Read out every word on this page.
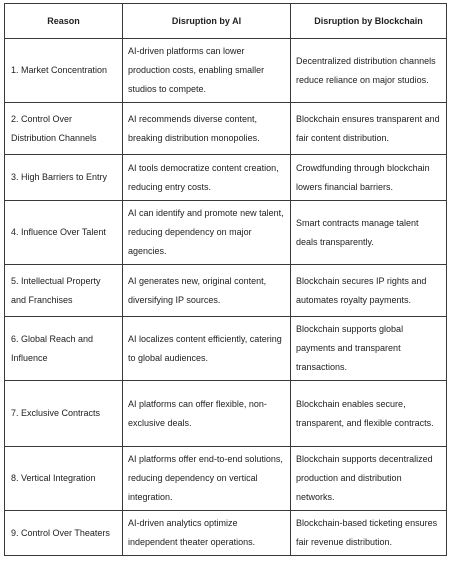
Reason	Disruption by AI	Disruption by Blockchain
1. Market Concentration	AI-driven platforms can lower production costs, enabling smaller studios to compete.	Decentralized distribution channels reduce reliance on major studios.
2. Control Over Distribution Channels	AI recommends diverse content, breaking distribution monopolies.	Blockchain ensures transparent and fair content distribution.
3. High Barriers to Entry	AI tools democratize content creation, reducing entry costs.	Crowdfunding through blockchain lowers financial barriers.
4. Influence Over Talent	AI can identify and promote new talent, reducing dependency on major agencies.	Smart contracts manage talent deals transparently.
5. Intellectual Property and Franchises	AI generates new, original content, diversifying IP sources.	Blockchain secures IP rights and automates royalty payments.
6. Global Reach and Influence	AI localizes content efficiently, catering to global audiences.	Blockchain supports global payments and transparent transactions.
7. Exclusive Contracts	AI platforms can offer flexible, non-exclusive deals.	Blockchain enables secure, transparent, and flexible contracts.
8. Vertical Integration	AI platforms offer end-to-end solutions, reducing dependency on vertical integration.	Blockchain supports decentralized production and distribution networks.
9. Control Over Theaters	AI-driven analytics optimize independent theater operations.	Blockchain-based ticketing ensures fair revenue distribution.
